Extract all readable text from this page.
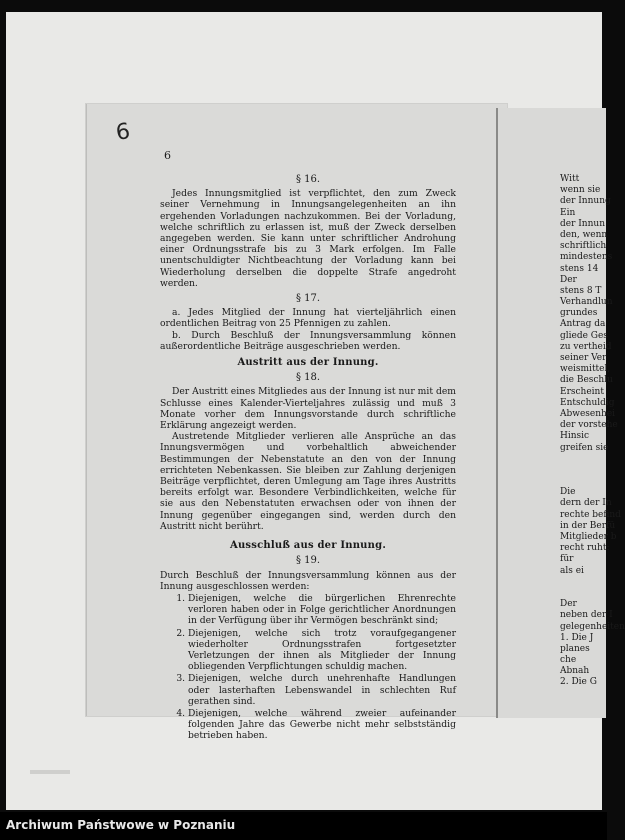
Witt
wenn sie
der Innung
Ein
der Innun
den, wenn
schriftlich
mindestens
stens 14
Der
stens 8 T
Verhandlun
grundes
Antrag da
gliede Ges
zu vertheid
seiner Ver
weismittel,
die Beschlu
Erscheint
Entschuldig
Abwesenhei
der vorstehe
Hinsic
greifen sie
Die
dern der In
rechte befind
in der Berfü
Mitglieder b
recht ruht:
für
als ei
Der
neben der I
gelegenheiten
1. Die J
planes
che
Abnah
2. Die G
6
6
§ 16.

Jedes Innungsmitglied ist verpflichtet, den zum Zweck seiner Vernehmung in Innungsangelegenheiten an ihn ergehenden Vorladungen nachzukommen. Bei der Vorladung, welche schriftlich zu erlassen ist, muß der Zweck derselben angegeben werden. Sie kann unter schriftlicher Androhung einer Ordnungsstrafe bis zu 3 Mark erfolgen. Im Falle unentschuldigter Nichtbeachtung der Vorladung kann bei Wiederholung derselben die doppelte Strafe angedroht werden.

§ 17.

a. Jedes Mitglied der Innung hat vierteljährlich einen ordentlichen Beitrag von 25 Pfennigen zu zahlen.

b. Durch Beschluß der Innungsversammlung können außerordentliche Beiträge ausgeschrieben werden.

Austritt aus der Innung.
§ 18.

Der Austritt eines Mitgliedes aus der Innung ist nur mit dem Schlusse eines Kalender-Vierteljahres zulässig und muß 3 Monate vorher dem Innungsvorstande durch schriftliche Erklärung angezeigt werden.

Austretende Mitglieder verlieren alle Ansprüche an das Innungsvermögen und vorbehaltlich abweichender Bestimmungen der Nebenstatute an den von der Innung errichteten Nebenkassen. Sie bleiben zur Zahlung derjenigen Beiträge verpflichtet, deren Umlegung am Tage ihres Austritts bereits erfolgt war. Besondere Verbindlichkeiten, welche für sie aus den Nebenstatuten erwachsen oder von ihnen der Innung gegenüber eingegangen sind, werden durch den Austritt nicht berührt.

Ausschluß aus der Innung.
§ 19.

Durch Beschluß der Innungsversammlung können aus der Innung ausgeschlossen werden:

1. Diejenigen, welche die bürgerlichen Ehrenrechte verloren haben oder in Folge gerichtlicher Anordnungen in der Verfügung über ihr Vermögen beschränkt sind;
2. Diejenigen, welche sich trotz voraufgegangener wiederholter Ordnungsstrafen fortgesetzter Verletzungen der ihnen als Mitglieder der Innung obliegenden Verpflichtungen schuldig machen.
3. Diejenigen, welche durch unehrenhafte Handlungen oder lasterhaften Lebenswandel in schlechten Ruf gerathen sind.
4. Diejenigen, welche während zweier aufeinander folgenden Jahre das Gewerbe nicht mehr selbstständig betrieben haben.
Archiwum Państwowe w Poznaniu
